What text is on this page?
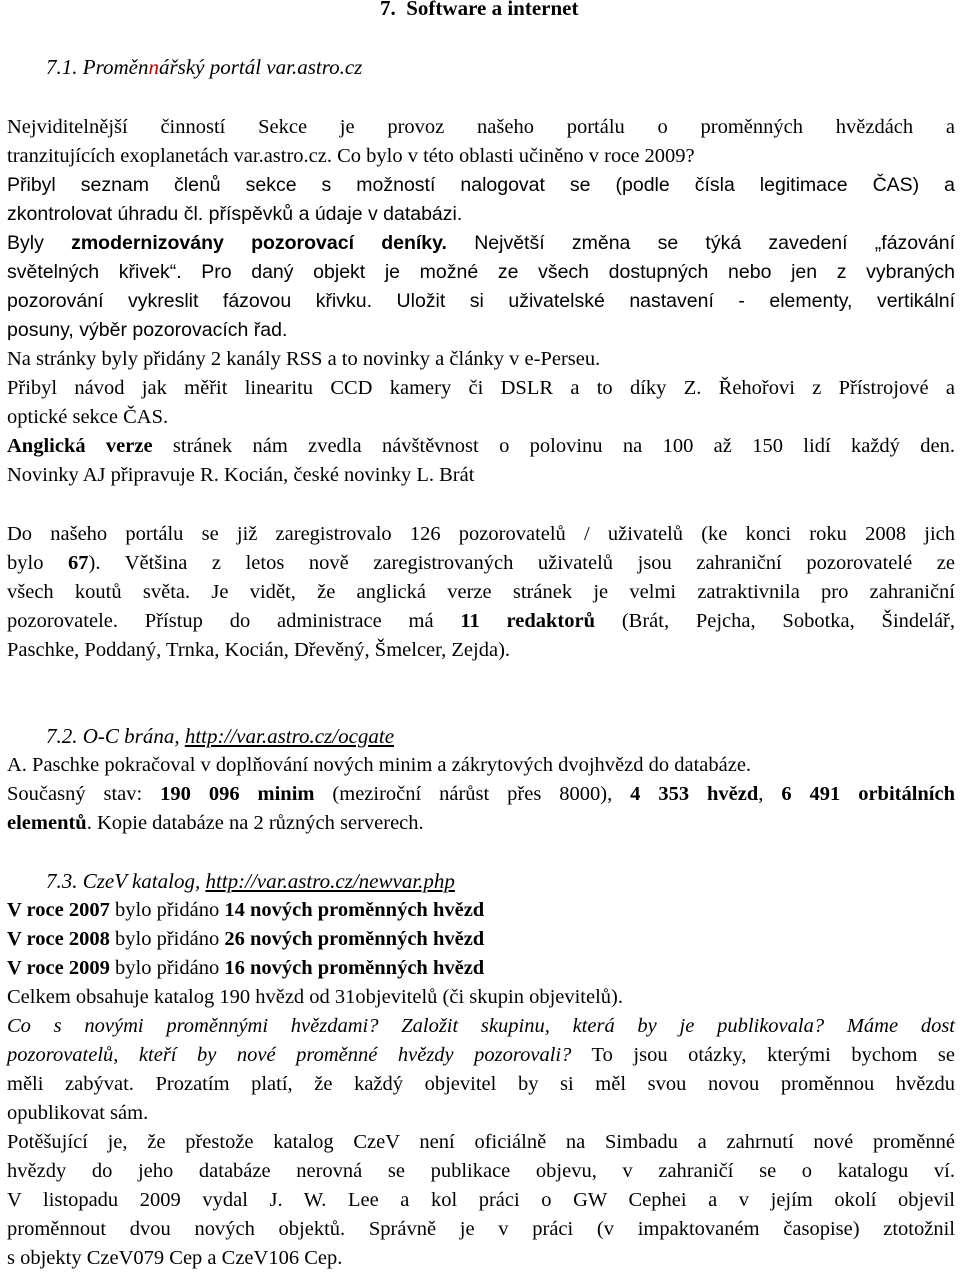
7. Software a internet
7.1. Proměnnářský portál var.astro.cz
Nejviditelnější činností Sekce je provoz našeho portálu o proměnných hvězdách a
tranzitujících exoplanetách var.astro.cz. Co bylo v této oblasti učiněno v roce 2009?
Přibyl seznam členů sekce s možností nalogovat se (podle čísla legitimace ČAS) a
zkontrolovat úhradu čl. příspěvků a údaje v databázi.
Byly zmodernizovány pozorovací deníky. Největší změna se týká zavedení „fázování
světelných křivek“. Pro daný objekt je možné ze všech dostupných nebo jen z vybraných
pozorování vykreslit fázovou křivku. Uložit si uživatelské nastavení - elementy, vertikální
posuny, výběr pozorovacích řad.
Na stránky byly přidány 2 kanály RSS a to novinky a články v e-Perseu.
Přibyl návod jak měřit linearitu CCD kamery či DSLR a to díky Z. Řehořovi z Přístrojové a
optické sekce ČAS.
Anglická verze stránek nám zvedla návštěvnost o polovinu na 100 až 150 lidí každý den.
Novinky AJ připravuje R. Kocián, české novinky L. Brát
Do našeho portálu se již zaregistrovalo 126 pozorovatelů / uživatelů (ke konci roku 2008 jich
bylo 67). Většina z letos nově zaregistrovaných uživatelů jsou zahraniční pozorovatelé ze
všech koutů světa. Je vidět, že anglická verze stránek je velmi zatraktivnila pro zahraniční
pozorovatele. Přístup do administrace má 11 redaktorů (Brát, Pejcha, Sobotka, Šindelář,
Paschke, Poddaný, Trnka, Kocián, Dřevěný, Šmelcer, Zejda).
7.2. O-C brána, http://var.astro.cz/ocgate
A. Paschke pokračoval v doplňování nových minim a zákrytových dvojhvězd do databáze.
Současný stav: 190 096 minim (meziroční nárůst přes 8000), 4 353 hvězd, 6 491 orbitálních
elementů. Kopie databáze na 2 různých serverech.
7.3. CzeV katalog, http://var.astro.cz/newvar.php
V roce 2007 bylo přidáno 14 nových proměnných hvězd
V roce 2008 bylo přidáno 26 nových proměnných hvězd
V roce 2009 bylo přidáno 16 nových proměnných hvězd
Celkem obsahuje katalog 190 hvězd od 31objevitelů (či skupin objevitelů).
Co s novými proměnnými hvězdami? Založit skupinu, která by je publikovala? Máme dost
pozorovatelů, kteří by nové proměnné hvězdy pozorovali? To jsou otázky, kterými bychom se
měli zabývat. Prozatím platí, že každý objevitel by si měl svou novou proměnnou hvězdu
opublikovat sám.
Potěšující je, že přestože katalog CzeV není oficiálně na Simbadu a zahrnutí nové proměnné
hvězdy do jeho databáze nerovná se publikace objevu, v zahraničí se o katalogu ví.
V listopadu 2009 vydal J. W. Lee a kol práci o GW Cephei a v jejím okolí objevil
proměnnout dvou nových objektů. Správně je v práci (v impaktovaném časopise) ztotožnil
s objekty CzeV079 Cep a CzeV106 Cep.
